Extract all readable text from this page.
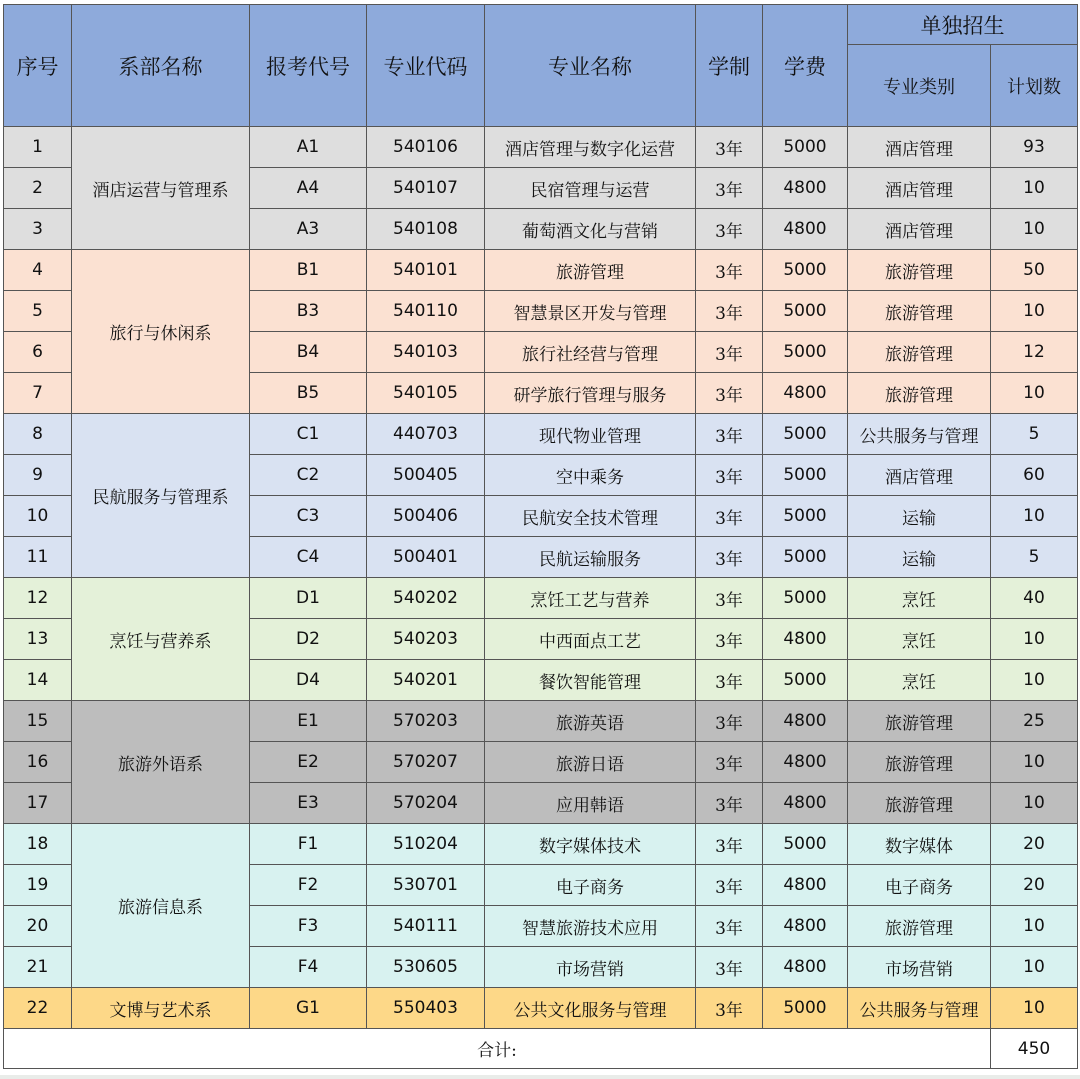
序号	系部名称	报考代号	专业代码	专业名称	学制	学费	单独招生	
							专业类别	计划数
1	酒店运营与管理系	A1	540106	酒店管理与数字化运营	3年	5000	酒店管理	93
2		A4	540107	民宿管理与运营	3年	4800	酒店管理	10
3		A3	540108	葡萄酒文化与营销	3年	4800	酒店管理	10
4	旅行与休闲系	B1	540101	旅游管理	3年	5000	旅游管理	50
5		B3	540110	智慧景区开发与管理	3年	5000	旅游管理	10
6		B4	540103	旅行社经营与管理	3年	5000	旅游管理	12
7		B5	540105	研学旅行管理与服务	3年	4800	旅游管理	10
8	民航服务与管理系	C1	440703	现代物业管理	3年	5000	公共服务与管理	5
9		C2	500405	空中乘务	3年	5000	酒店管理	60
10		C3	500406	民航安全技术管理	3年	5000	运输	10
11		C4	500401	民航运输服务	3年	5000	运输	5
12	烹饪与营养系	D1	540202	烹饪工艺与营养	3年	5000	烹饪	40
13		D2	540203	中西面点工艺	3年	4800	烹饪	10
14		D4	540201	餐饮智能管理	3年	5000	烹饪	10
15	旅游外语系	E1	570203	旅游英语	3年	4800	旅游管理	25
16		E2	570207	旅游日语	3年	4800	旅游管理	10
17		E3	570204	应用韩语	3年	4800	旅游管理	10
18	旅游信息系	F1	510204	数字媒体技术	3年	5000	数字媒体	20
19		F2	530701	电子商务	3年	4800	电子商务	20
20		F3	540111	智慧旅游技术应用	3年	4800	旅游管理	10
21		F4	530605	市场营销	3年	4800	市场营销	10
22	文博与艺术系	G1	550403	公共文化服务与管理	3年	5000	公共服务与管理	10
合计:								450
